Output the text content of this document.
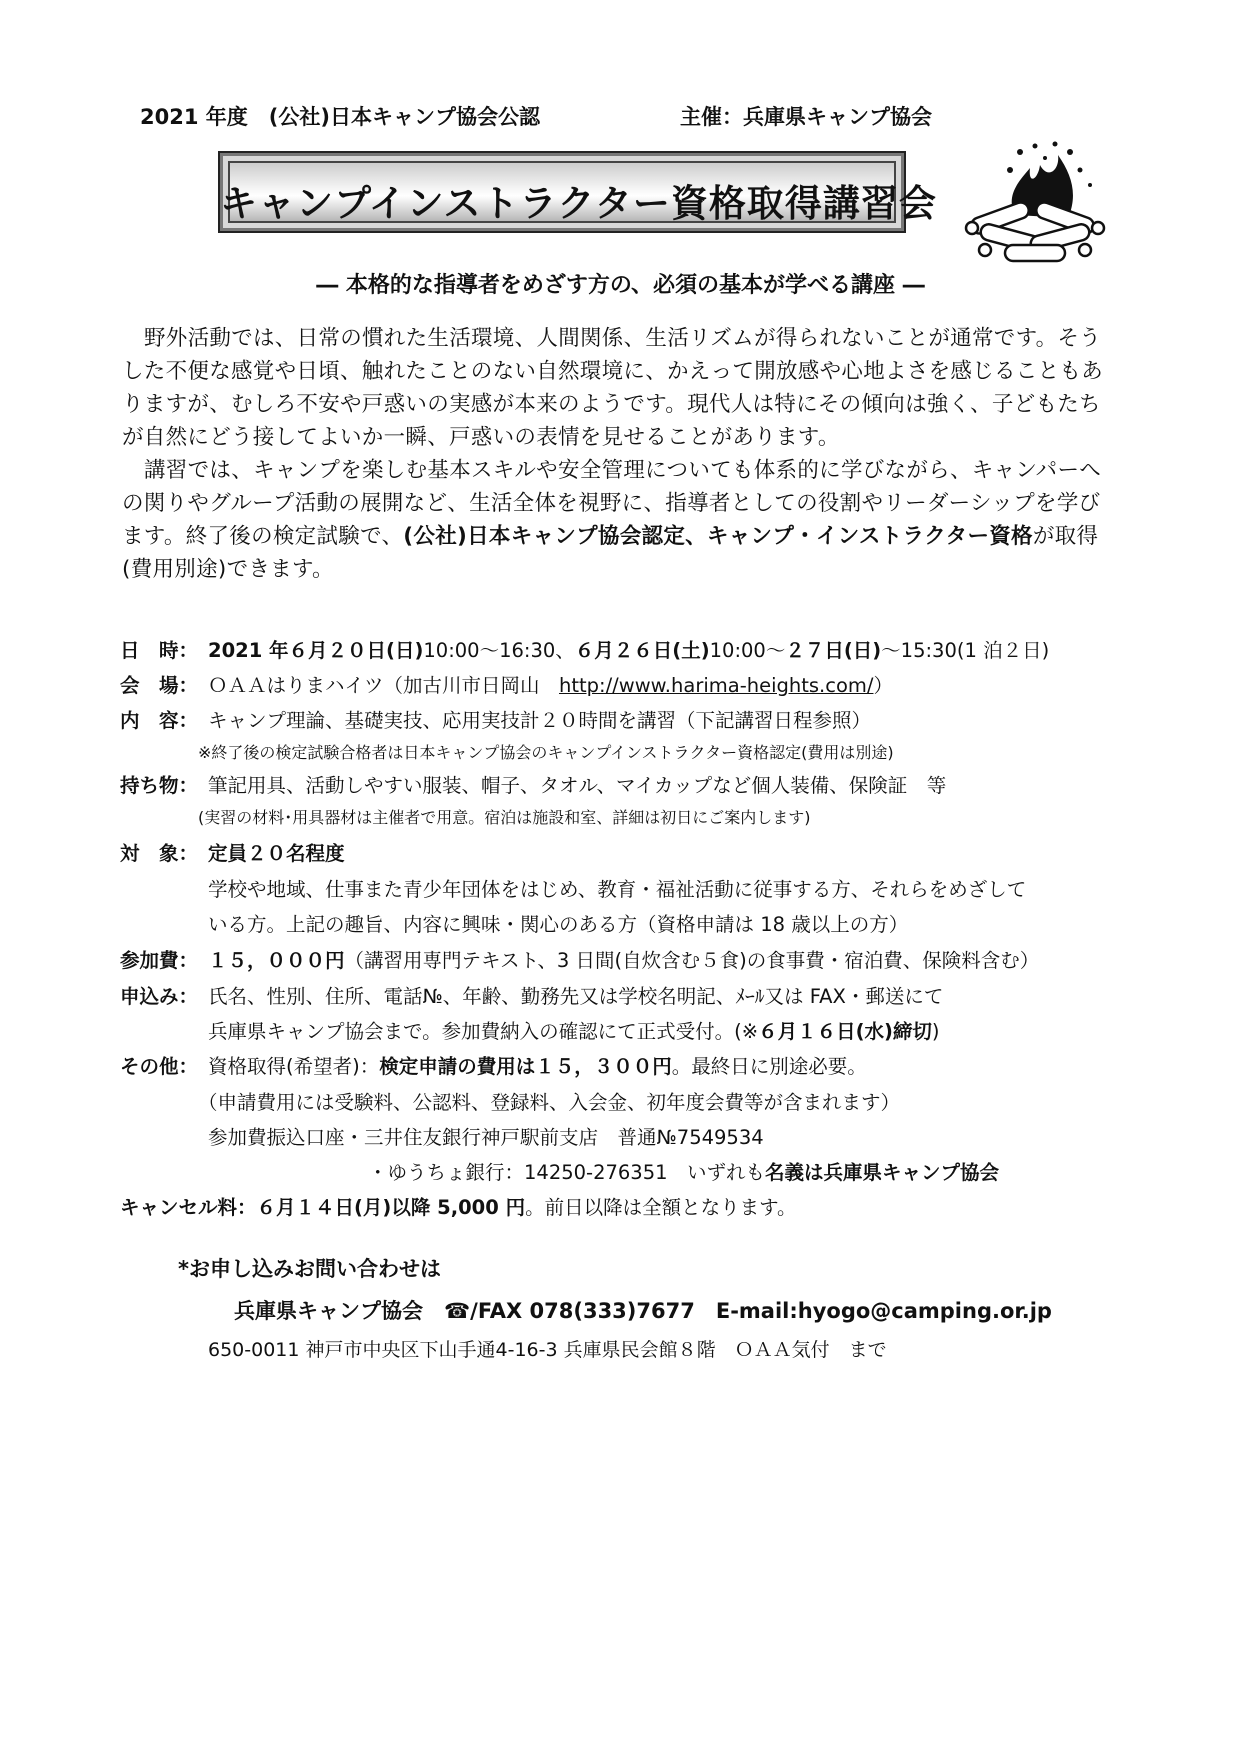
2021 年度　(公社)日本キャンプ協会公認	主催：兵庫県キャンプ協会
キャンプインストラクター資格取得講習会
― 本格的な指導者をめざす方の、必須の基本が学べる講座 ―

野外活動では、日常の慣れた生活環境、人間関係、生活リズムが得られないことが通常です。そうした不便な感覚や日頃、触れたことのない自然環境に、かえって開放感や心地よさを感じることもありますが、むしろ不安や戸惑いの実感が本来のようです。現代人は特にその傾向は強く、子どもたちが自然にどう接してよいか一瞬、戸惑いの表情を見せることがあります。

講習では、キャンプを楽しむ基本スキルや安全管理についても体系的に学びながら、キャンパーへの関りやグループ活動の展開など、生活全体を視野に、指導者としての役割やリーダーシップを学びます。終了後の検定試験で、(公社)日本キャンプ協会認定、キャンプ・インストラクター資格が取得(費用別途)できます。

日　時： 2021 年６月２０日(日)10:00～16:30、６月２６日(土)10:00～２７日(日)～15:30(1 泊２日)
会　場： ＯＡＡはりまハイツ（加古川市日岡山　http://www.harima-heights.com/）
内　容： キャンプ理論、基礎実技、応用実技計２０時間を講習（下記講習日程参照）
※終了後の検定試験合格者は日本キャンプ協会のキャンプインストラクター資格認定(費用は別途)
持ち物： 筆記用具、活動しやすい服装、帽子、タオル、マイカップなど個人装備、保険証　等
(実習の材料･用具器材は主催者で用意。宿泊は施設和室、詳細は初日にご案内します)
対　象： 定員２０名程度
学校や地域、仕事また青少年団体をはじめ、教育・福祉活動に従事する方、それらをめざして
いる方。上記の趣旨、内容に興味・関心のある方（資格申請は 18 歳以上の方）
参加費： １５，０００円（講習用専門テキスト、3 日間(自炊含む５食)の食事費・宿泊費、保険料含む）
申込み： 氏名、性別、住所、電話№、年齢、勤務先又は学校名明記、ﾒｰﾙ又は FAX・郵送にて
兵庫県キャンプ協会まで。参加費納入の確認にて正式受付。(※６月１６日(水)締切)
その他： 資格取得(希望者)：検定申請の費用は１５，３００円。最終日に別途必要。
（申請費用には受験料、公認料、登録料、入会金、初年度会費等が含まれます）
参加費振込口座・三井住友銀行神戸駅前支店　普通№7549534
・ゆうちょ銀行：14250-276351　いずれも名義は兵庫県キャンプ協会
キャンセル料：６月１４日(月)以降 5,000 円。前日以降は全額となります。
*お申し込みお問い合わせは
兵庫県キャンプ協会　 ☎/FAX 078(333)7677　 E-mail:hyogo@camping.or.jp
650-0011 神戸市中央区下山手通4-16-3 兵庫県民会館８階　ＯＡＡ気付　まで
